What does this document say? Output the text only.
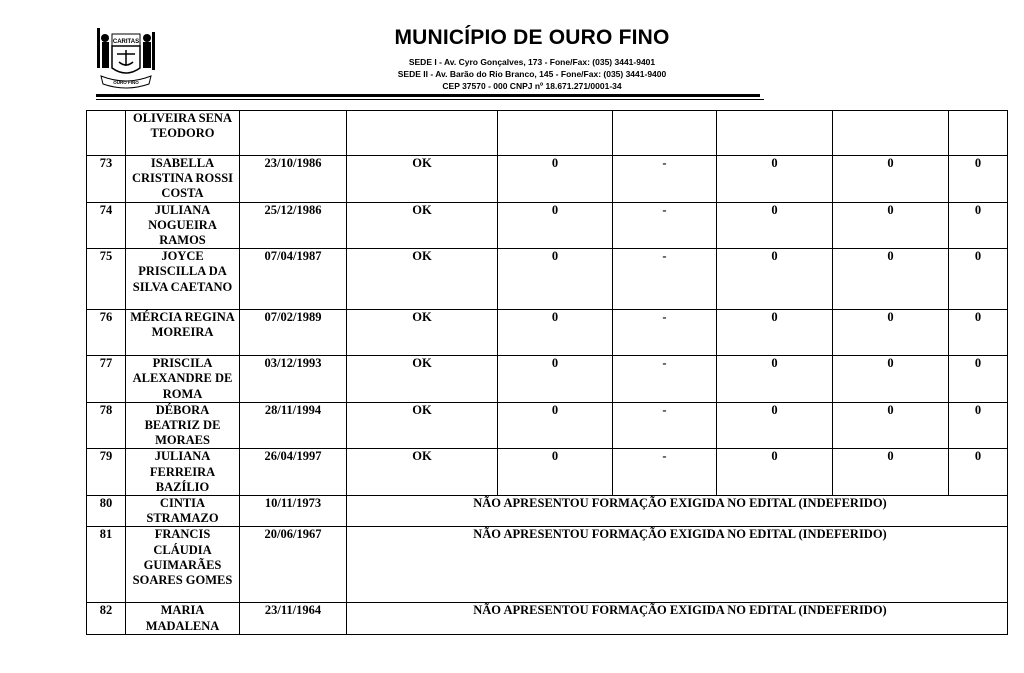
CARITAS
OURO FINO
MUNICÍPIO DE OURO FINO
SEDE I - Av. Cyro Gonçalves, 173 - Fone/Fax: (035) 3441-9401
SEDE II - Av. Barão do Rio Branco, 145 - Fone/Fax: (035) 3441-9400
CEP 37570 - 000 CNPJ nº 18.671.271/0001-34
	OLIVEIRA SENA TEODORO							
73	ISABELLA CRISTINA ROSSI COSTA	23/10/1986	OK	0	-	0	0	0
74	JULIANA NOGUEIRA RAMOS	25/12/1986	OK	0	-	0	0	0
75	JOYCE PRISCILLA DA SILVA CAETANO	07/04/1987	OK	0	-	0	0	0
76	MÉRCIA REGINA MOREIRA	07/02/1989	OK	0	-	0	0	0
77	PRISCILA ALEXANDRE DE ROMA	03/12/1993	OK	0	-	0	0	0
78	DÉBORA BEATRIZ DE MORAES	28/11/1994	OK	0	-	0	0	0
79	JULIANA FERREIRA BAZÍLIO	26/04/1997	OK	0	-	0	0	0
80	CINTIA STRAMAZO	10/11/1973	NÃO APRESENTOU FORMAÇÃO EXIGIDA NO EDITAL (INDEFERIDO)					
81	FRANCIS CLÁUDIA GUIMARÃES SOARES GOMES	20/06/1967	NÃO APRESENTOU FORMAÇÃO EXIGIDA NO EDITAL (INDEFERIDO)					
82	MARIA MADALENA	23/11/1964	NÃO APRESENTOU FORMAÇÃO EXIGIDA NO EDITAL (INDEFERIDO)					
